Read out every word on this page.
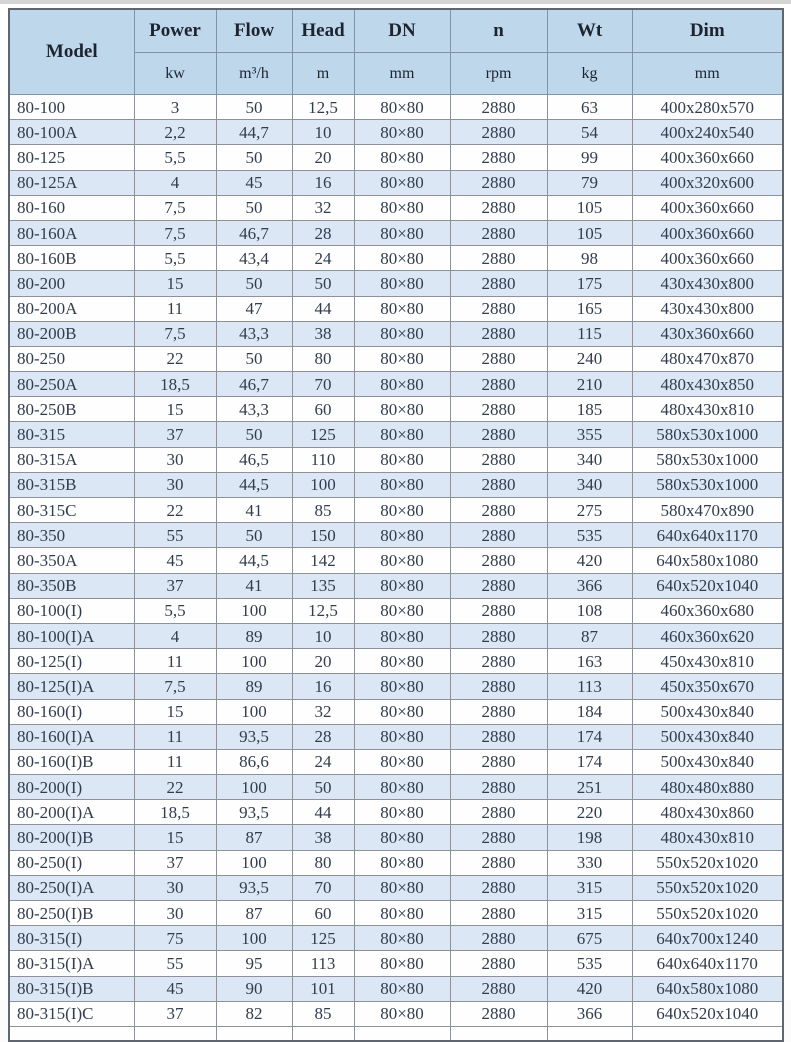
Model	Power	Flow	Head	DN	n	Wt	Dim
	kw	m³/h	m	mm	rpm	kg	mm
80-100	3	50	12,5	80×80	2880	63	400x280x570
80-100A	2,2	44,7	10	80×80	2880	54	400x240x540
80-125	5,5	50	20	80×80	2880	99	400x360x660
80-125A	4	45	16	80×80	2880	79	400x320x600
80-160	7,5	50	32	80×80	2880	105	400x360x660
80-160A	7,5	46,7	28	80×80	2880	105	400x360x660
80-160B	5,5	43,4	24	80×80	2880	98	400x360x660
80-200	15	50	50	80×80	2880	175	430x430x800
80-200A	11	47	44	80×80	2880	165	430x430x800
80-200B	7,5	43,3	38	80×80	2880	115	430x360x660
80-250	22	50	80	80×80	2880	240	480x470x870
80-250A	18,5	46,7	70	80×80	2880	210	480x430x850
80-250B	15	43,3	60	80×80	2880	185	480x430x810
80-315	37	50	125	80×80	2880	355	580x530x1000
80-315A	30	46,5	110	80×80	2880	340	580x530x1000
80-315B	30	44,5	100	80×80	2880	340	580x530x1000
80-315C	22	41	85	80×80	2880	275	580x470x890
80-350	55	50	150	80×80	2880	535	640x640x1170
80-350A	45	44,5	142	80×80	2880	420	640x580x1080
80-350B	37	41	135	80×80	2880	366	640x520x1040
80-100(I)	5,5	100	12,5	80×80	2880	108	460x360x680
80-100(I)A	4	89	10	80×80	2880	87	460x360x620
80-125(I)	11	100	20	80×80	2880	163	450x430x810
80-125(I)A	7,5	89	16	80×80	2880	113	450x350x670
80-160(I)	15	100	32	80×80	2880	184	500x430x840
80-160(I)A	11	93,5	28	80×80	2880	174	500x430x840
80-160(I)B	11	86,6	24	80×80	2880	174	500x430x840
80-200(I)	22	100	50	80×80	2880	251	480x480x880
80-200(I)A	18,5	93,5	44	80×80	2880	220	480x430x860
80-200(I)B	15	87	38	80×80	2880	198	480x430x810
80-250(I)	37	100	80	80×80	2880	330	550x520x1020
80-250(I)A	30	93,5	70	80×80	2880	315	550x520x1020
80-250(I)B	30	87	60	80×80	2880	315	550x520x1020
80-315(I)	75	100	125	80×80	2880	675	640x700x1240
80-315(I)A	55	95	113	80×80	2880	535	640x640x1170
80-315(I)B	45	90	101	80×80	2880	420	640x580x1080
80-315(I)C	37	82	85	80×80	2880	366	640x520x1040
